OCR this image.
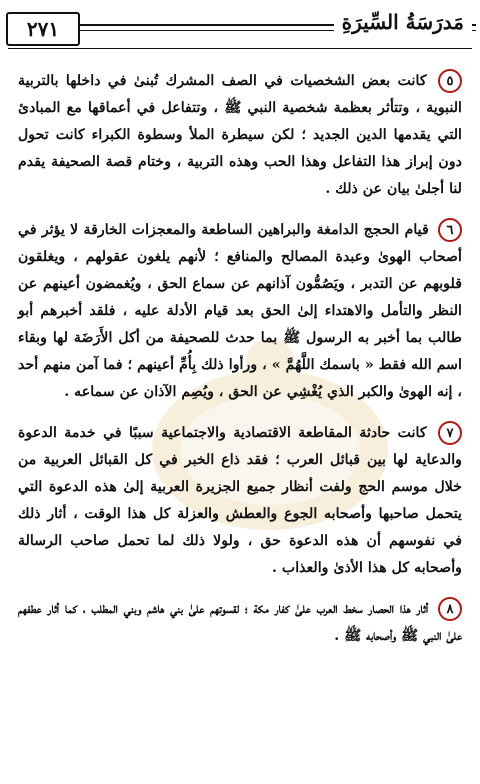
٢٧١	مَدرَسَةُ السِّيرَةِ

٥ كانت بعض الشخصيات في الصف المشرك تُبنىٰ في داخلها بالتربية النبوية ، وتتأثر بعظمة شخصية النبي ﷺ ، وتتفاعل في أعماقها مع المبادئ التي يقدمها الدين الجديد ؛ لكن سيطرة الملأ وسطوة الكبراء كانت تحول دون إبراز هذا التفاعل وهذا الحب وهذه التربية ، وختام قصة الصحيفة يقدم لنا أجلىٰ بيان عن ذلك .

٦ قيام الحجج الدامغة والبراهين الساطعة والمعجزات الخارقة لا يؤثر في أصحاب الهوىٰ وعبدة المصالح والمنافع ؛ لأنهم يلغون عقولهم ، ويغلقون قلوبهم عن التدبر ، ويَصُمُّون آذانهم عن سماع الحق ، ويُغمضون أعينهم عن النظر والتأمل والاهتداء إلىٰ الحق بعد قيام الأدلة عليه ، فلقد أخبرهم أبو طالب بما أخبر به الرسول ﷺ بما حدث للصحيفة من أكل الأَرَضَة لها وبقاء اسم الله فقط « باسمك اللَّهُمَّ » ، ورأوا ذلك بِأُمِّ أعينهم ؛ فما آمن منهم أحد ، إنه الهوىٰ والكبر الذي يُغْشِي عن الحق ، ويُصِم الآذان عن سماعه .

٧ كانت حادثة المقاطعة الاقتصادية والاجتماعية سببًا في خدمة الدعوة والدعاية لها بين قبائل العرب ؛ فقد ذاع الخبر في كل القبائل العربية من خلال موسم الحج ولفت أنظار جميع الجزيرة العربية إلىٰ هذه الدعوة التي يتحمل صاحبها وأصحابه الجوع والعطش والعزلة كل هذا الوقت ، أثار ذلك في نفوسهم أن هذه الدعوة حق ، ولولا ذلك لما تحمل صاحب الرسالة وأصحابه كل هذا الأذىٰ والعذاب .

٨ أثار هذا الحصار سخط العرب علىٰ كفار مكة ؛ لقسوتهم علىٰ بني هاشم وبني المطلب ، كما أثار عطفهم علىٰ النبي ﷺ وأصحابه ﷺ .
